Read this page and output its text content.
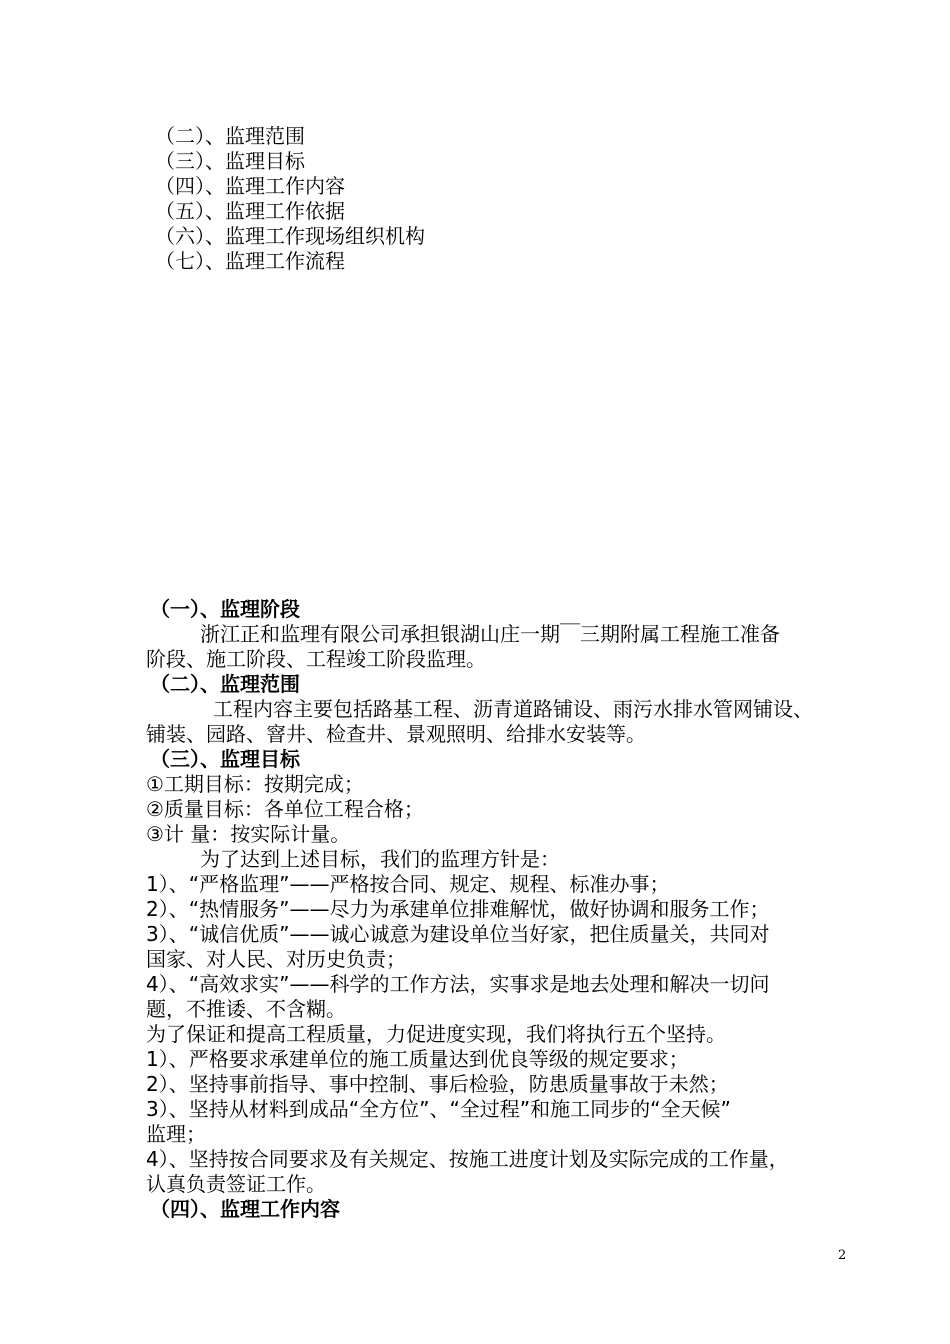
（二）、监理范围
（三）、监理目标
（四）、监理工作内容
（五）、监理工作依据
（六）、监理工作现场组织机构
（七）、监理工作流程
（一）、监理阶段
浙江正和监理有限公司承担银湖山庄一期￣三期附属工程施工准备
阶段、施工阶段、工程竣工阶段监理。
（二）、监理范围
工程内容主要包括路基工程、沥青道路铺设、雨污水排水管网铺设、
铺装、园路、窨井、检查井、景观照明、给排水安装等。
（三）、监理目标
①工期目标：按期完成；
②质量目标：各单位工程合格；
③计 量：按实际计量。
为了达到上述目标，我们的监理方针是：
1）、“严格监理”——严格按合同、规定、规程、标准办事；
2）、“热情服务”——尽力为承建单位排难解忧，做好协调和服务工作；
3）、“诚信优质”——诚心诚意为建设单位当好家，把住质量关，共同对
国家、对人民、对历史负责；
4）、“高效求实”——科学的工作方法，实事求是地去处理和解决一切问
题，不推诿、不含糊。
为了保证和提高工程质量，力促进度实现，我们将执行五个坚持。
1）、严格要求承建单位的施工质量达到优良等级的规定要求；
2）、坚持事前指导、事中控制、事后检验，防患质量事故于未然；
3）、坚持从材料到成品“全方位”、“全过程”和施工同步的“全天候”
监理；
4）、坚持按合同要求及有关规定、按施工进度计划及实际完成的工作量，
认真负责签证工作。
（四）、监理工作内容
2
